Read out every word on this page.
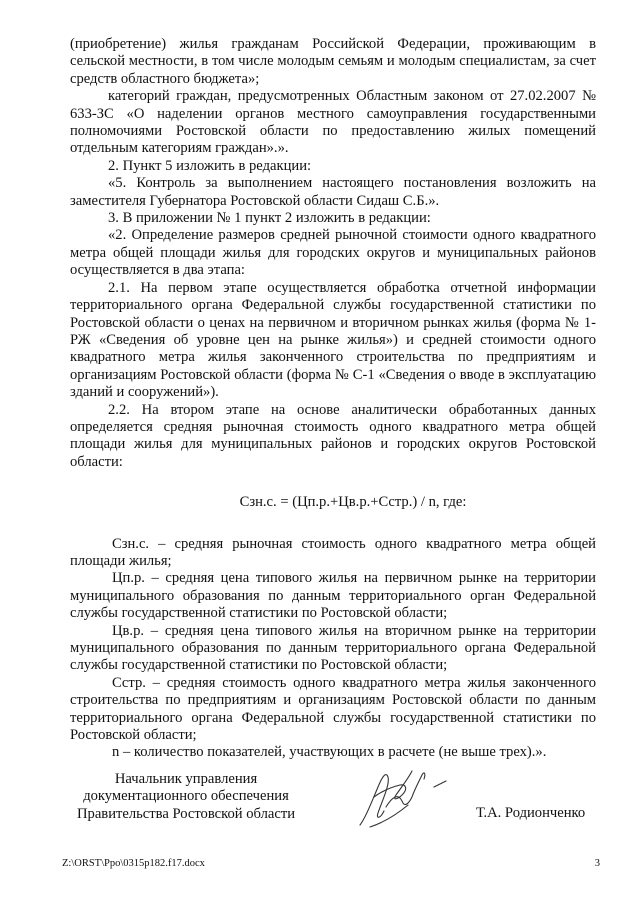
(приобретение) жилья гражданам Российской Федерации, проживающим в сельской местности, в том числе молодым семьям и молодым специалистам, за счет средств областного бюджета»;

категорий граждан, предусмотренных Областным законом от 27.02.2007 № 633-ЗС «О наделении органов местного самоуправления государственными полномочиями Ростовской области по предоставлению жилых помещений отдельным категориям граждан».».

2. Пункт 5 изложить в редакции:

«5. Контроль за выполнением настоящего постановления возложить на заместителя Губернатора Ростовской области Сидаш С.Б.».

3. В приложении № 1 пункт 2 изложить в редакции:

«2. Определение размеров средней рыночной стоимости одного квадратного метра общей площади жилья для городских округов и муниципальных районов осуществляется в два этапа:

2.1. На первом этапе осуществляется обработка отчетной информации территориального органа Федеральной службы государственной статистики по Ростовской области о ценах на первичном и вторичном рынках жилья (форма № 1-РЖ «Сведения об уровне цен на рынке жилья») и средней стоимости одного квадратного метра жилья законченного строительства по предприятиям и организациям Ростовской области (форма № С-1 «Сведения о вводе в эксплуатацию зданий и сооружений»).

2.2. На втором этапе на основе аналитически обработанных данных определяется средняя рыночная стоимость одного квадратного метра общей площади жилья для муниципальных районов и городских округов Ростовской области:

Сзн.с. = (Цп.р.+Цв.р.+Сстр.) / n, где:

Сзн.с. – средняя рыночная стоимость одного квадратного метра общей площади жилья;

Цп.р. – средняя цена типового жилья на первичном рынке на территории муниципального образования по данным территориального орган Федеральной службы государственной статистики по Ростовской области;

Цв.р. – средняя цена типового жилья на вторичном рынке на территории муниципального образования по данным территориального органа Федеральной службы государственной статистики по Ростовской области;

Сстр. – средняя стоимость одного квадратного метра жилья законченного строительства по предприятиям и организациям Ростовской области по данным территориального органа Федеральной службы государственной статистики по Ростовской области;

n – количество показателей, участвующих в расчете (не выше трех).».

Начальник управления
документационного обеспечения
Правительства Ростовской области	Т.А. Родионченко
Z:\ORST\Ppo\0315p182.f17.docx	3
